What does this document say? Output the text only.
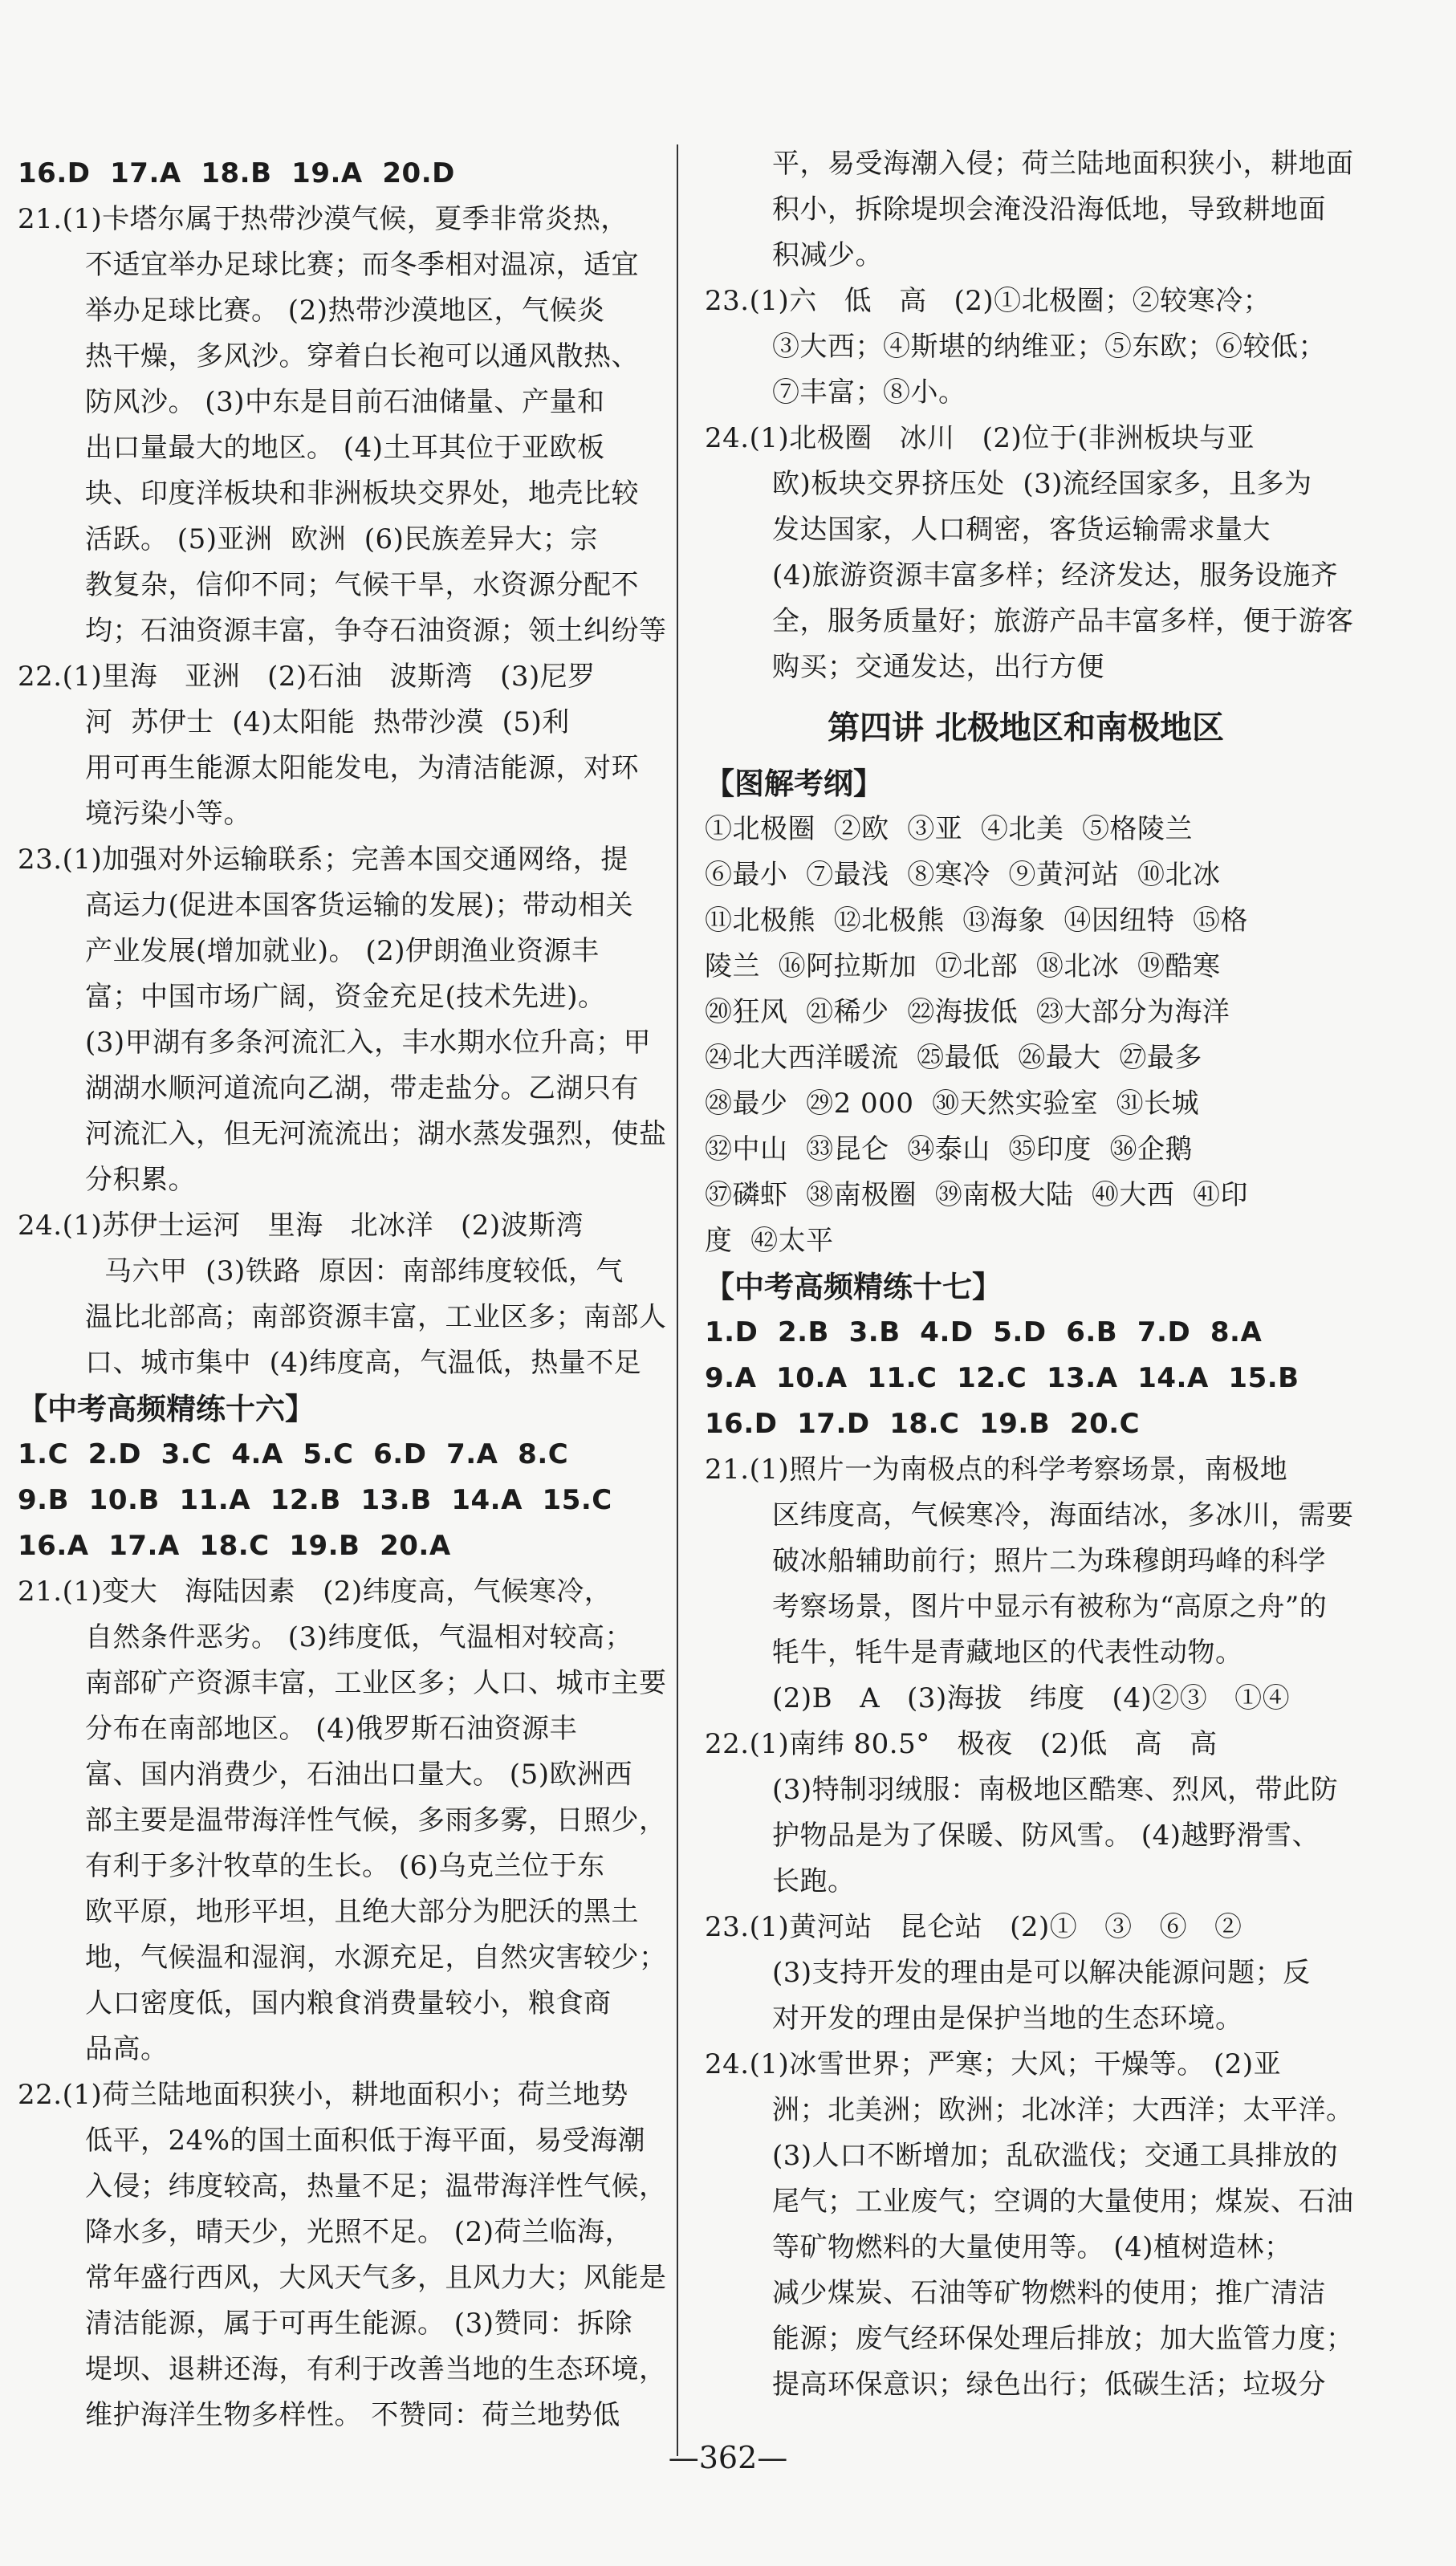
16.D  17.A  18.B  19.A  20.D
21.(1)卡塔尔属于热带沙漠气候，夏季非常炎热，
不适宜举办足球比赛；而冬季相对温凉，适宜
举办足球比赛。 (2)热带沙漠地区，气候炎
热干燥，多风沙。穿着白长袍可以通风散热、
防风沙。 (3)中东是目前石油储量、产量和
出口量最大的地区。 (4)土耳其位于亚欧板
块、印度洋板块和非洲板块交界处，地壳比较
活跃。 (5)亚洲  欧洲  (6)民族差异大；宗
教复杂，信仰不同；气候干旱，水资源分配不
均；石油资源丰富，争夺石油资源；领土纠纷等
22.(1)里海   亚洲   (2)石油   波斯湾   (3)尼罗
河  苏伊士  (4)太阳能  热带沙漠  (5)利
用可再生能源太阳能发电，为清洁能源，对环
境污染小等。
23.(1)加强对外运输联系；完善本国交通网络，提
高运力(促进本国客货运输的发展)；带动相关
产业发展(增加就业)。 (2)伊朗渔业资源丰
富；中国市场广阔，资金充足(技术先进)。
(3)甲湖有多条河流汇入，丰水期水位升高；甲
湖湖水顺河道流向乙湖，带走盐分。乙湖只有
河流汇入，但无河流流出；湖水蒸发强烈，使盐
分积累。
24.(1)苏伊士运河   里海   北冰洋   (2)波斯湾
马六甲  (3)铁路  原因：南部纬度较低，气
温比北部高；南部资源丰富，工业区多；南部人
口、城市集中  (4)纬度高，气温低，热量不足
【中考高频精练十六】
1.C  2.D  3.C  4.A  5.C  6.D  7.A  8.C
9.B  10.B  11.A  12.B  13.B  14.A  15.C
16.A  17.A  18.C  19.B  20.A
21.(1)变大   海陆因素   (2)纬度高，气候寒冷，
自然条件恶劣。 (3)纬度低，气温相对较高；
南部矿产资源丰富，工业区多；人口、城市主要
分布在南部地区。 (4)俄罗斯石油资源丰
富、国内消费少，石油出口量大。 (5)欧洲西
部主要是温带海洋性气候，多雨多雾，日照少，
有利于多汁牧草的生长。 (6)乌克兰位于东
欧平原，地形平坦，且绝大部分为肥沃的黑土
地，气候温和湿润，水源充足，自然灾害较少；
人口密度低，国内粮食消费量较小，粮食商
品高。
22.(1)荷兰陆地面积狭小，耕地面积小；荷兰地势
低平，24%的国土面积低于海平面，易受海潮
入侵；纬度较高，热量不足；温带海洋性气候，
降水多，晴天少，光照不足。 (2)荷兰临海，
常年盛行西风，大风天气多，且风力大；风能是
清洁能源，属于可再生能源。 (3)赞同：拆除
堤坝、退耕还海，有利于改善当地的生态环境，
维护海洋生物多样性。 不赞同：荷兰地势低
平，易受海潮入侵；荷兰陆地面积狭小，耕地面
积小，拆除堤坝会淹没沿海低地，导致耕地面
积减少。
23.(1)六   低   高   (2)①北极圈；②较寒冷；
③大西；④斯堪的纳维亚；⑤东欧；⑥较低；
⑦丰富；⑧小。
24.(1)北极圈   冰川   (2)位于(非洲板块与亚
欧)板块交界挤压处  (3)流经国家多，且多为
发达国家，人口稠密，客货运输需求量大
(4)旅游资源丰富多样；经济发达，服务设施齐
全，服务质量好；旅游产品丰富多样，便于游客
购买；交通发达，出行方便
第四讲 北极地区和南极地区
【图解考纲】
①北极圈  ②欧  ③亚  ④北美  ⑤格陵兰
⑥最小  ⑦最浅  ⑧寒冷  ⑨黄河站  ⑩北冰
⑪北极熊  ⑫北极熊  ⑬海象  ⑭因纽特  ⑮格
陵兰  ⑯阿拉斯加  ⑰北部  ⑱北冰  ⑲酷寒
⑳狂风  ㉑稀少  ㉒海拔低  ㉓大部分为海洋
㉔北大西洋暖流  ㉕最低  ㉖最大  ㉗最多
㉘最少  ㉙2 000  ㉚天然实验室  ㉛长城
㉜中山  ㉝昆仑  ㉞泰山  ㉟印度  ㊱企鹅
㊲磷虾  ㊳南极圈  ㊴南极大陆  ㊵大西  ㊶印
度  ㊷太平
【中考高频精练十七】
1.D  2.B  3.B  4.D  5.D  6.B  7.D  8.A
9.A  10.A  11.C  12.C  13.A  14.A  15.B
16.D  17.D  18.C  19.B  20.C
21.(1)照片一为南极点的科学考察场景，南极地
区纬度高，气候寒冷，海面结冰，多冰川，需要
破冰船辅助前行；照片二为珠穆朗玛峰的科学
考察场景，图片中显示有被称为“高原之舟”的
牦牛，牦牛是青藏地区的代表性动物。
(2)B   A   (3)海拔   纬度   (4)②③   ①④
22.(1)南纬 80.5°   极夜   (2)低   高   高
(3)特制羽绒服：南极地区酷寒、烈风，带此防
护物品是为了保暖、防风雪。 (4)越野滑雪、
长跑。
23.(1)黄河站   昆仑站   (2)①   ③   ⑥   ②
(3)支持开发的理由是可以解决能源问题；反
对开发的理由是保护当地的生态环境。
24.(1)冰雪世界；严寒；大风；干燥等。 (2)亚
洲；北美洲；欧洲；北冰洋；大西洋；太平洋。
(3)人口不断增加；乱砍滥伐；交通工具排放的
尾气；工业废气；空调的大量使用；煤炭、石油
等矿物燃料的大量使用等。 (4)植树造林；
减少煤炭、石油等矿物燃料的使用；推广清洁
能源；废气经环保处理后排放；加大监管力度；
提高环保意识；绿色出行；低碳生活；垃圾分
—362—
